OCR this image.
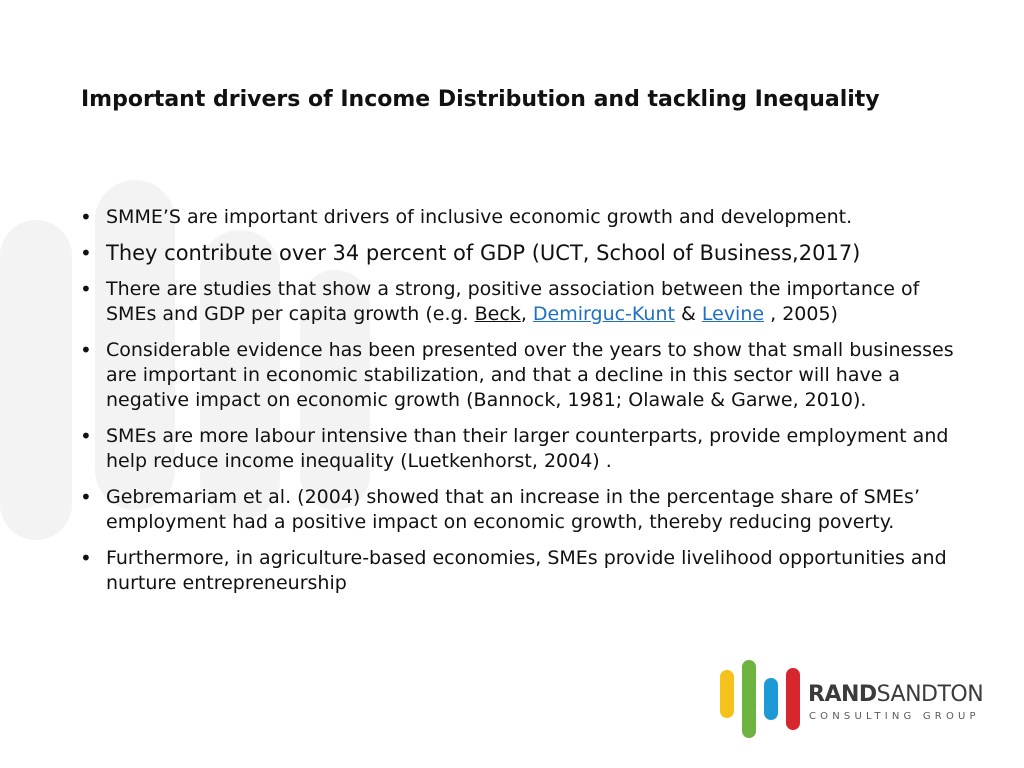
Important drivers of Income Distribution and tackling Inequality
• SMME’S are important drivers of inclusive economic growth and development.
• They contribute over 34 percent of GDP (UCT, School of Business,2017)
• There are studies that show a strong, positive association between the importance of SMEs and GDP per capita growth (e.g. Beck, Demirguc-Kunt & Levine , 2005)
• Considerable evidence has been presented over the years to show that small businesses are important in economic stabilization, and that a decline in this sector will have a negative impact on economic growth (Bannock, 1981; Olawale & Garwe, 2010).
• SMEs are more labour intensive than their larger counterparts, provide employment and help reduce income inequality (Luetkenhorst, 2004) .
• Gebremariam et al. (2004) showed that an increase in the percentage share of SMEs’ employment had a positive impact on economic growth, thereby reducing poverty.
• Furthermore, in agriculture-based economies, SMEs provide livelihood opportunities and nurture entrepreneurship
RANDSANDTON
CONSULTING GROUP
